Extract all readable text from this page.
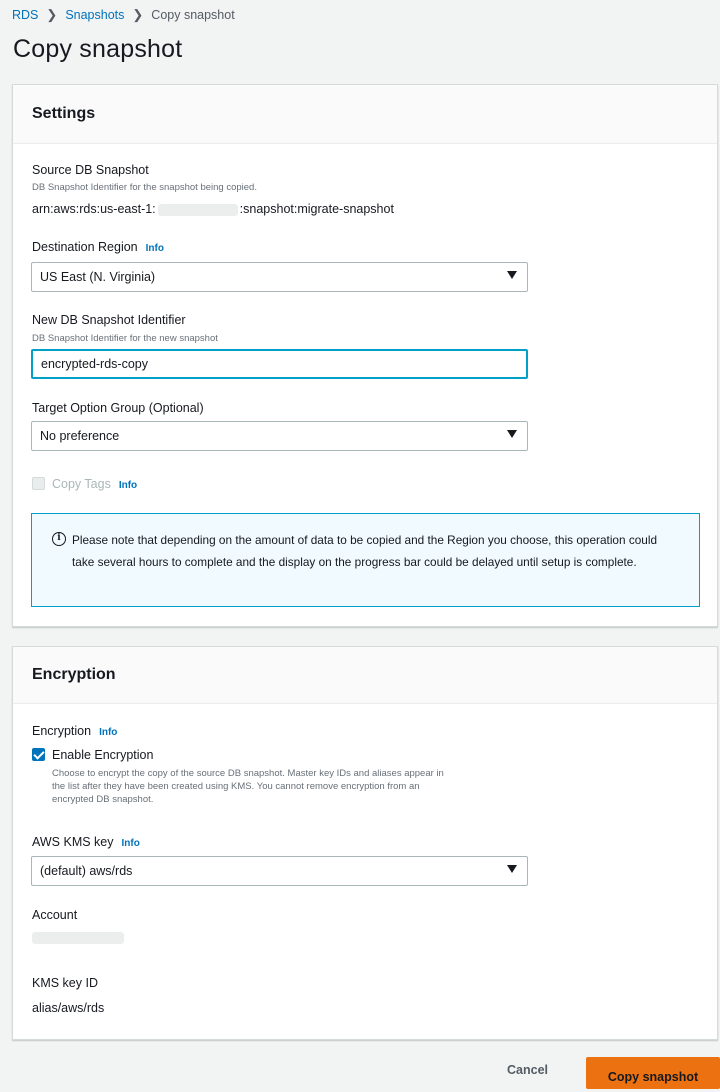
RDS ❯ Snapshots ❯ Copy snapshot
Copy snapshot
Settings
Source DB Snapshot
DB Snapshot Identifier for the snapshot being copied.
arn:aws:rds:us-east-1:	:snapshot:migrate-snapshot
Destination Region Info
US East (N. Virginia)
New DB Snapshot Identifier
DB Snapshot Identifier for the new snapshot
encrypted-rds-copy
Target Option Group (Optional)
No preference
Copy Tags Info
i Please note that depending on the amount of data to be copied and the Region you choose, this operation could take several hours to complete and the display on the progress bar could be delayed until setup is complete.
Encryption
Encryption Info
Enable Encryption
Choose to encrypt the copy of the source DB snapshot. Master key IDs and aliases appear in
the list after they have been created using KMS. You cannot remove encryption from an
encrypted DB snapshot.
AWS KMS key Info
(default) aws/rds
Account
KMS key ID
alias/aws/rds
Cancel	Copy snapshot
